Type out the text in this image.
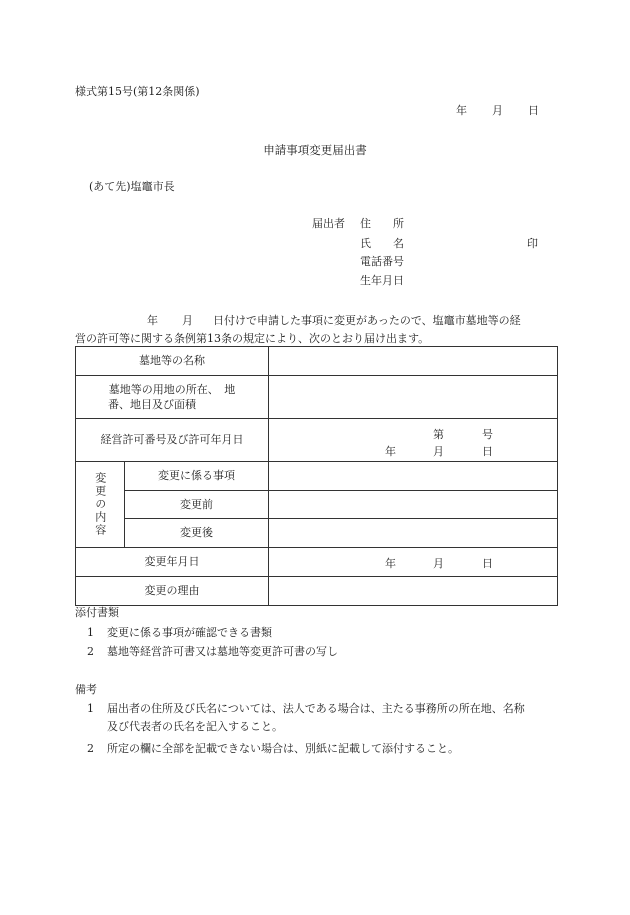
様式第15号(第12条関係)
年 月 日
申請事項変更届出書
(あて先)塩竈市長
届出者 住　　所
氏　　名	印
電話番号
生年月日
年 月 日付けで申請した事項に変更があったので、塩竈市墓地等の経
営の許可等に関する条例第13条の規定により、次のとおり届け出ます。
墓地等の名称		

墓地等の用地の所在、　地
番、地目及び面積		

経営許可番号及び許可年月日		第 号
年 月 日

変更の内容	変更に係る事項	
	変更前	
	変更後	
変更年月日		年 月 日

変更の理由		
添付書類
1 変更に係る事項が確認できる書類
2 墓地等経営許可書又は墓地等変更許可書の写し
備考
1 届出者の住所及び氏名については、法人である場合は、主たる事務所の所在地、名称
及び代表者の氏名を記入すること。
2 所定の欄に全部を記載できない場合は、別紙に記載して添付すること。
